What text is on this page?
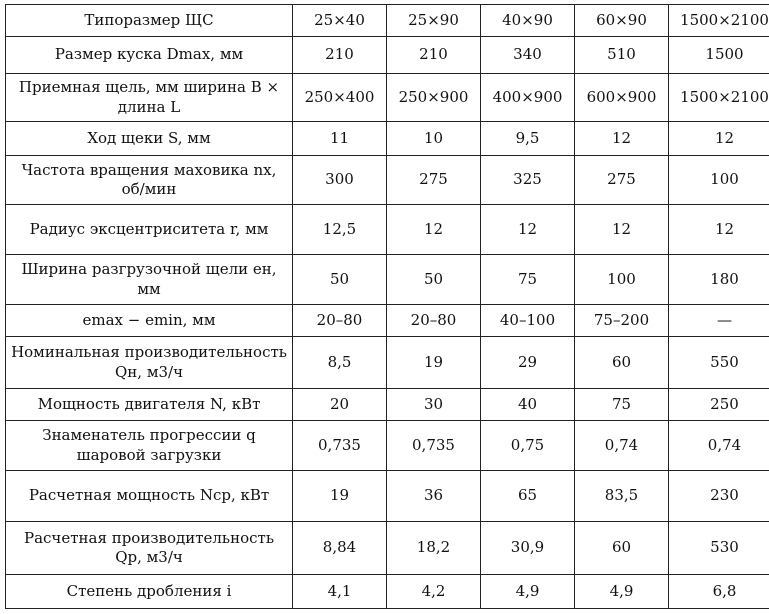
Типоразмер ЩС	25×40	25×90	40×90	60×90	1500×2100
Размер куска Dmax, мм	210	210	340	510	1500
Приемная щель, мм ширина B × длина L	250×400	250×900	400×900	600×900	1500×2100
Ход щеки S, мм	11	10	9,5	12	12
Частота вращения маховика nх, об/мин	300	275	325	275	100
Радиус эксцентриситета r, мм	12,5	12	12	12	12
Ширина разгрузочной щели eн, мм	50	50	75	100	180
emax − emin, мм	20–80	20–80	40–100	75–200	—
Номинальная производительность Qн, м3/ч	8,5	19	29	60	550
Мощность двигателя N, кВт	20	30	40	75	250
Знаменатель прогрессии q шаровой загрузки	0,735	0,735	0,75	0,74	0,74
Расчетная мощность Nср, кВт	19	36	65	83,5	230
Расчетная производительность Qр, м3/ч	8,84	18,2	30,9	60	530
Степень дробления i	4,1	4,2	4,9	4,9	6,8
